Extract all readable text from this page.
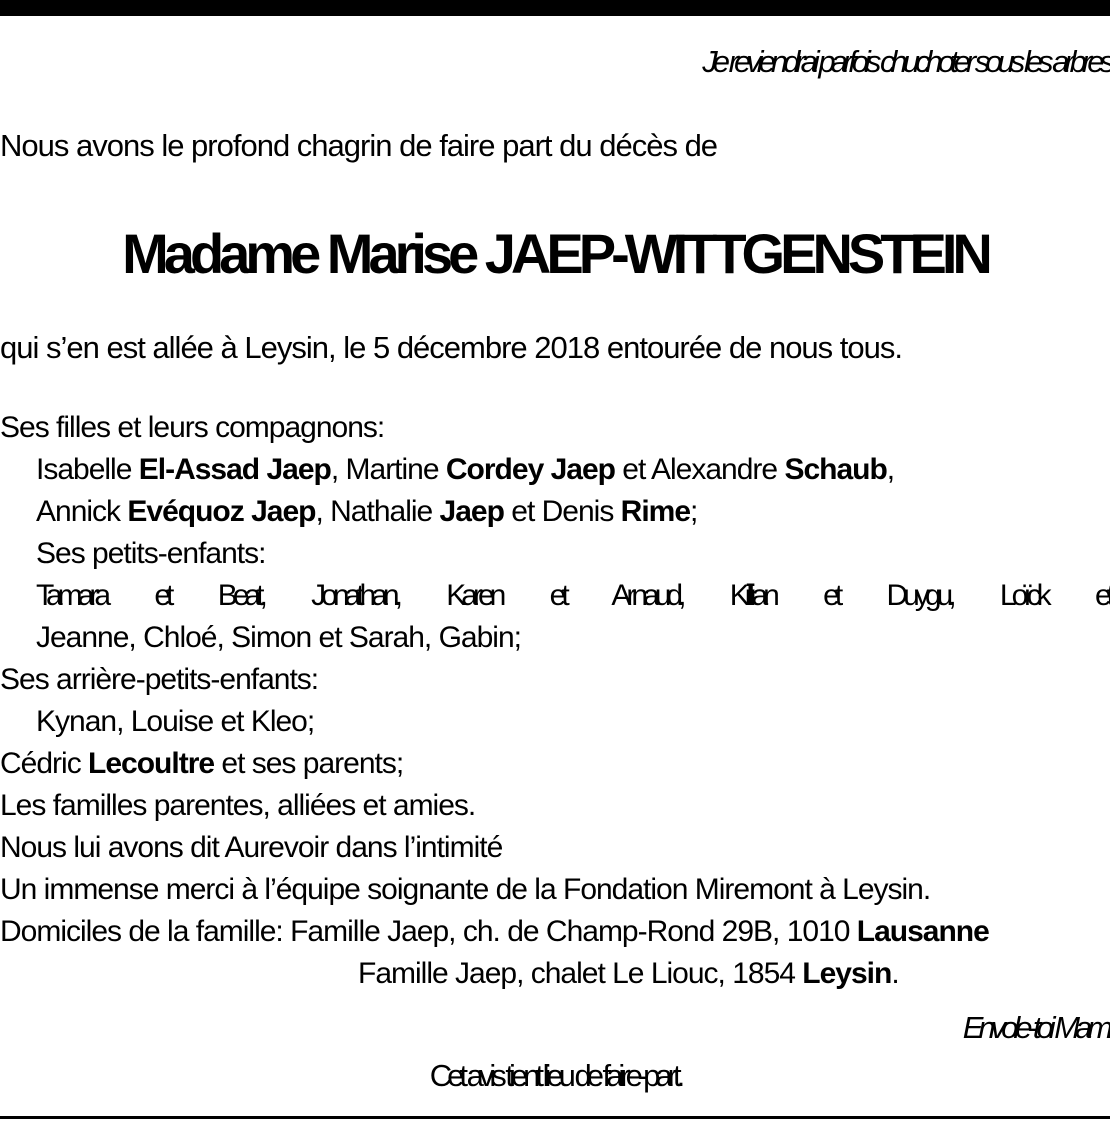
Je reviendrai parfois chuchoter sous les arbres
Nous avons le profond chagrin de faire part du décès de
Madame Marise JAEP-WITTGENSTEIN
qui s’en est allée à Leysin, le 5 décembre 2018 entourée de nous tous.
Ses filles et leurs compagnons:
Isabelle El-Assad Jaep, Martine Cordey Jaep et Alexandre Schaub,
Annick Evéquoz Jaep, Nathalie Jaep et Denis Rime;
Ses petits-enfants:
Tamara et Beat, Jonathan, Karen et Arnaud, Killian et Duygu, Loïck et
Jeanne, Chloé, Simon et Sarah, Gabin;
Ses arrière-petits-enfants:
Kynan, Louise et Kleo;
Cédric Lecoultre et ses parents;
Les familles parentes, alliées et amies.
Nous lui avons dit Aurevoir dans l’intimité
Un immense merci à l’équipe soignante de la Fondation Miremont à Leysin.
Domiciles de la famille: Famille Jaep, ch. de Champ-Rond 29B, 1010 Lausanne
Famille Jaep, chalet Le Liouc, 1854 Leysin.
Envole-toi Mami
Cet avis tient lieu de faire-part.
